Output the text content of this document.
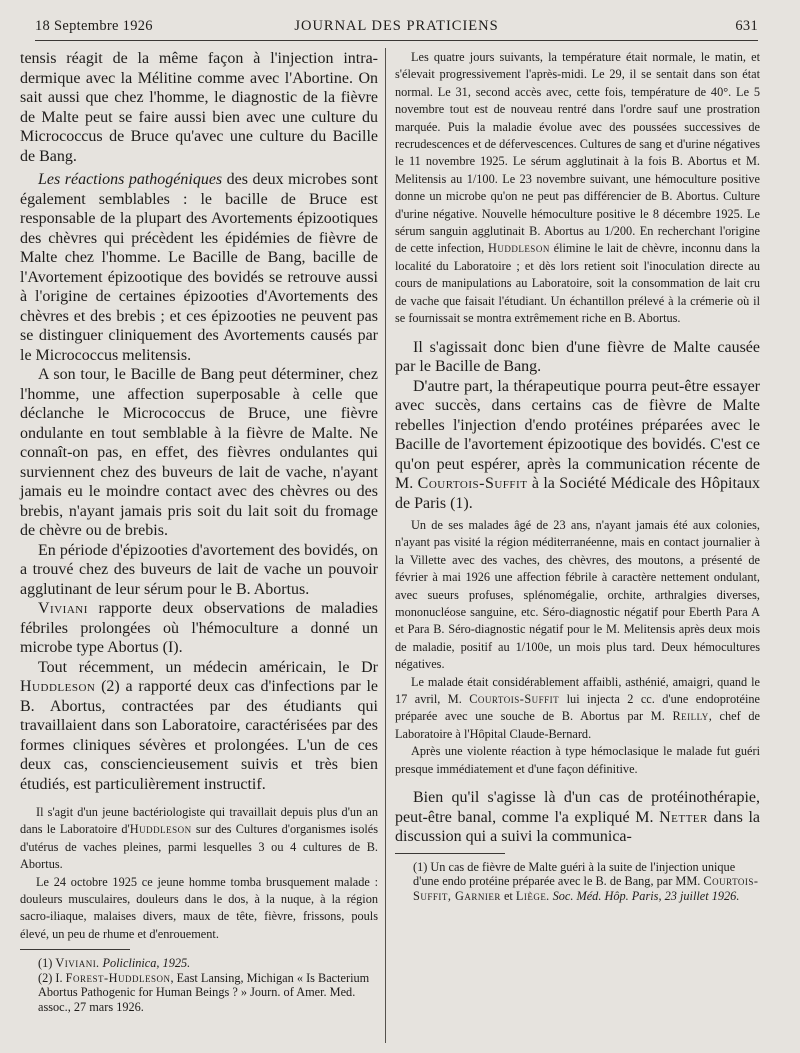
18 Septembre 1926	JOURNAL DES PRATICIENS	631

tensis réagit de la même façon à l'injection intra-dermique avec la Mélitine comme avec l'Abortine. On sait aussi que chez l'homme, le diagnostic de la fièvre de Malte peut se faire aussi bien avec une culture du Micrococcus de Bruce qu'avec une culture du Bacille de Bang.

Les réactions pathogéniques des deux microbes sont également semblables : le bacille de Bruce est responsable de la plupart des Avortements épizootiques des chèvres qui précèdent les épidémies de fièvre de Malte chez l'homme. Le Bacille de Bang, bacille de l'Avortement épizootique des bovidés se retrouve aussi à l'origine de certaines épizooties d'Avortements des chèvres et des brebis ; et ces épizooties ne peuvent pas se distinguer cliniquement des Avortements causés par le Micrococcus melitensis.

A son tour, le Bacille de Bang peut déterminer, chez l'homme, une affection superposable à celle que déclanche le Micrococcus de Bruce, une fièvre ondulante en tout semblable à la fièvre de Malte. Ne connaît-on pas, en effet, des fièvres ondulantes qui surviennent chez des buveurs de lait de vache, n'ayant jamais eu le moindre contact avec des chèvres ou des brebis, n'ayant jamais pris soit du lait soit du fromage de chèvre ou de brebis.

En période d'épizooties d'avortement des bovidés, on a trouvé chez des buveurs de lait de vache un pouvoir agglutinant de leur sérum pour le B. Abortus.

Viviani rapporte deux observations de maladies fébriles prolongées où l'hémoculture a donné un microbe type Abortus (I).

Tout récemment, un médecin américain, le Dr Huddleson (2) a rapporté deux cas d'infections par le B. Abortus, contractées par des étudiants qui travaillaient dans son Laboratoire, caractérisées par des formes cliniques sévères et prolongées. L'un de ces deux cas, consciencieusement suivis et très bien étudiés, est particulièrement instructif.

Il s'agit d'un jeune bactériologiste qui travaillait depuis plus d'un an dans le Laboratoire d'Huddleson sur des Cultures d'organismes isolés d'utérus de vaches pleines, parmi lesquelles 3 ou 4 cultures de B. Abortus.

Le 24 octobre 1925 ce jeune homme tomba brusquement malade : douleurs musculaires, douleurs dans le dos, à la nuque, à la région sacro-iliaque, malaises divers, maux de tête, fièvre, frissons, pouls élevé, un peu de rhume et d'enrouement.

(1) Viviani. Policlinica, 1925.

(2) I. Forest-Huddleson, East Lansing, Michigan « Is Bacterium Abortus Pathogenic for Human Beings ? » Journ. of Amer. Med. assoc., 27 mars 1926.

Les quatre jours suivants, la température était normale, le matin, et s'élevait progressivement l'après-midi. Le 29, il se sentait dans son état normal. Le 31, second accès avec, cette fois, température de 40°. Le 5 novembre tout est de nouveau rentré dans l'ordre sauf une prostration marquée. Puis la maladie évolue avec des poussées successives de recrudescences et de défervescences. Cultures de sang et d'urine négatives le 11 novembre 1925. Le sérum agglutinait à la fois B. Abortus et M. Melitensis au 1/100. Le 23 novembre suivant, une hémoculture positive donne un microbe qu'on ne peut pas différencier de B. Abortus. Culture d'urine négative. Nouvelle hémoculture positive le 8 décembre 1925. Le sérum sanguin agglutinait B. Abortus au 1/200. En recherchant l'origine de cette infection, Huddleson élimine le lait de chèvre, inconnu dans la localité du Laboratoire ; et dès lors retient soit l'inoculation directe au cours de manipulations au Laboratoire, soit la consommation de lait cru de vache que faisait l'étudiant. Un échantillon prélevé à la crémerie où il se fournissait se montra extrêmement riche en B. Abortus.

Il s'agissait donc bien d'une fièvre de Malte causée par le Bacille de Bang.

D'autre part, la thérapeutique pourra peut-être essayer avec succès, dans certains cas de fièvre de Malte rebelles l'injection d'endo protéines préparées avec le Bacille de l'avortement épizootique des bovidés. C'est ce qu'on peut espérer, après la communication récente de M. Courtois-Suffit à la Société Médicale des Hôpitaux de Paris (1).

Un de ses malades âgé de 23 ans, n'ayant jamais été aux colonies, n'ayant pas visité la région méditerranéenne, mais en contact journalier à la Villette avec des vaches, des chèvres, des moutons, a présenté de février à mai 1926 une affection fébrile à caractère nettement ondulant, avec sueurs profuses, splénomégalie, orchite, arthralgies diverses, mononucléose sanguine, etc. Séro-diagnostic négatif pour Eberth Para A et Para B. Séro-diagnostic négatif pour le M. Melitensis après deux mois de maladie, positif au 1/100e, un mois plus tard. Deux hémocultures négatives.

Le malade était considérablement affaibli, asthénié, amaigri, quand le 17 avril, M. Courtois-Suffit lui injecta 2 cc. d'une endoprotéine préparée avec une souche de B. Abortus par M. Reilly, chef de Laboratoire à l'Hôpital Claude-Bernard.

Après une violente réaction à type hémoclasique le malade fut guéri presque immédiatement et d'une façon définitive.

Bien qu'il s'agisse là d'un cas de protéinothérapie, peut-être banal, comme l'a expliqué M. Netter dans la discussion qui a suivi la communica-

(1) Un cas de fièvre de Malte guéri à la suite de l'injection unique d'une endo protéine préparée avec le B. de Bang, par MM. Courtois-Suffit, Garnier et Liège. Soc. Méd. Hôp. Paris, 23 juillet 1926.
